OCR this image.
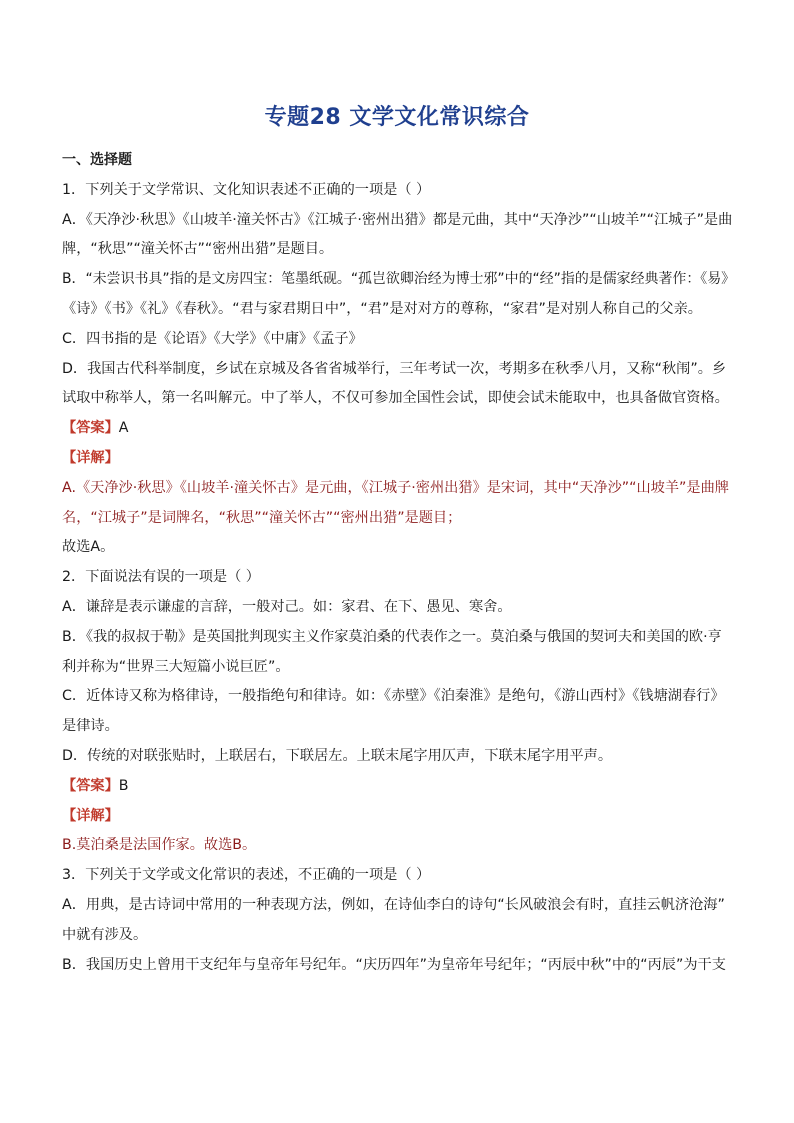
专题28 文学文化常识综合
一、选择题
1．下列关于文学常识、文化知识表述不正确的一项是（ ）
A．《天净沙·秋思》《山坡羊·潼关怀古》《江城子·密州出猎》都是元曲，其中“天净沙”“山坡羊”“江城子”是曲
牌，“秋思”“潼关怀古”“密州出猎”是题目。
B．“未尝识书具”指的是文房四宝：笔墨纸砚。“孤岂欲卿治经为博士邪”中的“经”指的是儒家经典著作：《易》
《诗》《书》《礼》《春秋》。“君与家君期日中”，“君”是对对方的尊称，“家君”是对别人称自己的父亲。
C．四书指的是《论语》《大学》《中庸》《孟子》
D．我国古代科举制度，乡试在京城及各省省城举行，三年考试一次，考期多在秋季八月，又称“秋闱”。乡
试取中称举人，第一名叫解元。中了举人，不仅可参加全国性会试，即使会试未能取中，也具备做官资格。
【答案】A
【详解】
A.《天净沙·秋思》《山坡羊·潼关怀古》是元曲，《江城子·密州出猎》是宋词，其中“天净沙”“山坡羊”是曲牌
名，“江城子”是词牌名，“秋思”“潼关怀古”“密州出猎”是题目；
故选A。
2．下面说法有误的一项是（ ）
A．谦辞是表示谦虚的言辞，一般对己。如：家君、在下、愚见、寒舍。
B．《我的叔叔于勒》是英国批判现实主义作家莫泊桑的代表作之一。莫泊桑与俄国的契诃夫和美国的欧·亨
利并称为“世界三大短篇小说巨匠”。
C．近体诗又称为格律诗，一般指绝句和律诗。如：《赤壁》《泊秦淮》是绝句，《游山西村》《钱塘湖春行》
是律诗。
D．传统的对联张贴时，上联居右，下联居左。上联末尾字用仄声，下联末尾字用平声。
【答案】B
【详解】
B.莫泊桑是法国作家。故选B。
3．下列关于文学或文化常识的表述，不正确的一项是（ ）
A．用典，是古诗词中常用的一种表现方法，例如，在诗仙李白的诗句“长风破浪会有时，直挂云帆济沧海”
中就有涉及。
B．我国历史上曾用干支纪年与皇帝年号纪年。“庆历四年”为皇帝年号纪年；“丙辰中秋”中的“丙辰”为干支
